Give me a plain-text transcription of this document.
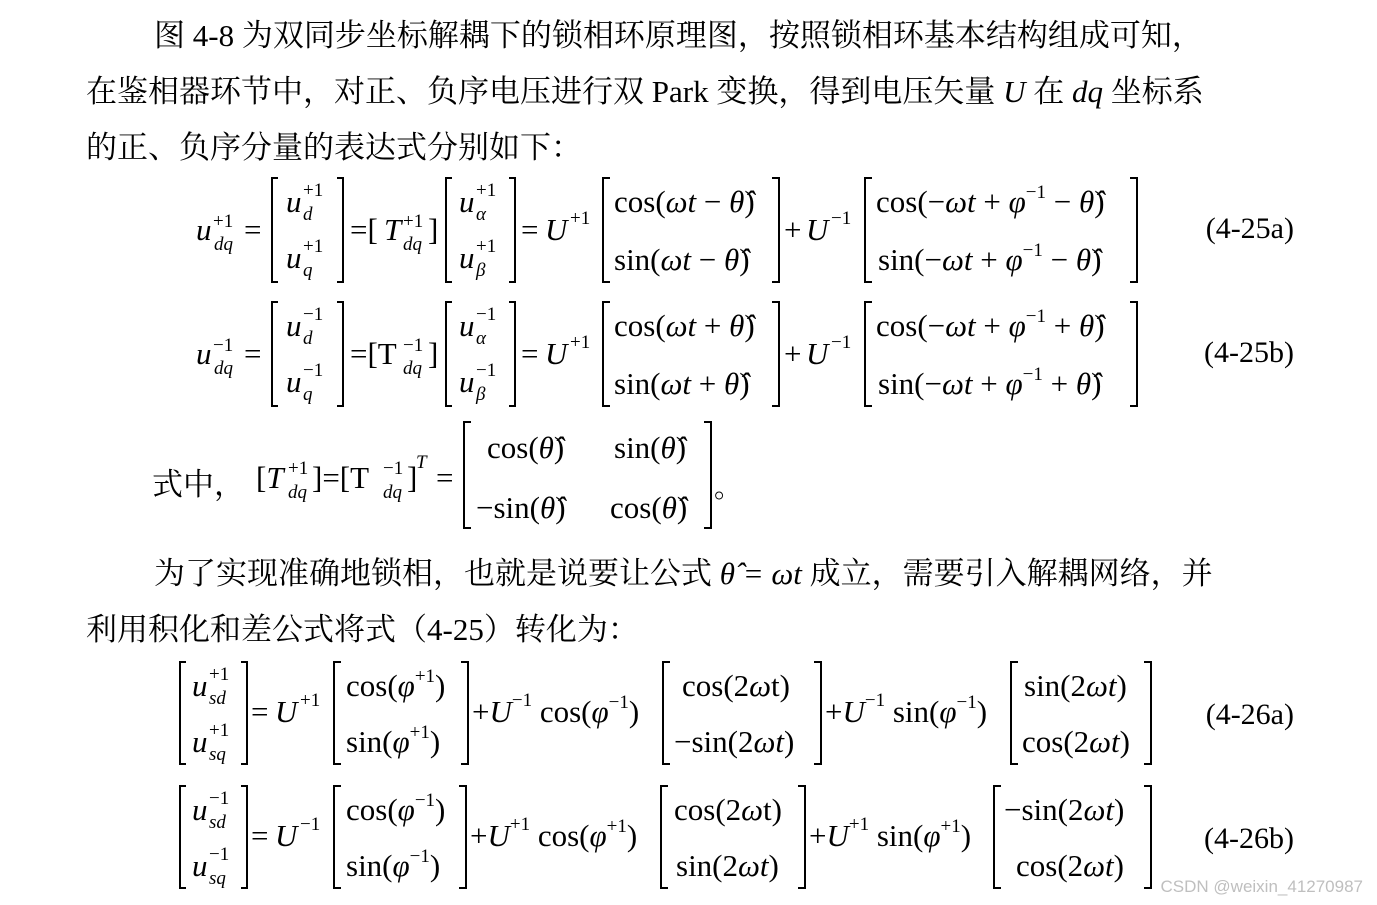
图 4-8 为双同步坐标解耦下的锁相环原理图，按照锁相环基本结构组成可知，
在鉴相器环节中，对正、负序电压进行双 Park 变换，得到电压矢量 U 在 dq 坐标系
的正、负序分量的表达式分别如下：
u +1
dq =
u +1
d
u +1
q
=[ T +1
dq ]
u +1
α
u +1
β
= U +1 cos(ωt − θ̂)
sin(ωt − θ̂)
+ U −1 $\cos(-\omega t + \varphi^{-1}$ − θ̂)
$\sin(-\omega t + \varphi^{-1}$ − θ̂)
(4-25a)
u −1
dq =
u −1
d
u −1
q
=[T −1
dq ]
u −1
α
u −1
β
= U +1 cos(ωt + θ̂)
sin(ωt + θ̂)
+ U −1 $\cos(-\omega t + \varphi^{-1}$ + θ̂)
$\sin(-\omega t + \varphi^{-1}$ + θ̂)
(4-25b)
式中， [T +1
dq ]=[T −1
dq ]
T =
cos(θ̂) sin(θ̂)
−sin(θ̂) cos(θ̂)
。
为了实现准确地锁相，也就是说要让公式 θ̂ = ωt 成立，需要引入解耦网络，并
利用积化和差公式将式（4-25）转化为：
u +1
sd
u +1
sq
= U +1 $\cos(\varphi^{+1})$
$\sin(\varphi^{+1})$
$+U^{-1}$ $\cos(\varphi^{-1})$
cos(2ωt)
−sin(2ωt)
$+U^{-1}$ $\sin(\varphi^{-1})$
sin(2ωt)
cos(2ωt)
(4-26a)
u −1
sd
u −1
sq
= U −1 $\cos(\varphi^{-1})$
$\sin(\varphi^{-1})$
$+U^{+1}$ $\cos(\varphi^{+1})$
cos(2ωt)
sin(2ωt)
$+U^{+1}$ $\sin(\varphi^{+1})$
−sin(2ωt)
cos(2ωt)
(4-26b)
CSDN @weixin_41270987
